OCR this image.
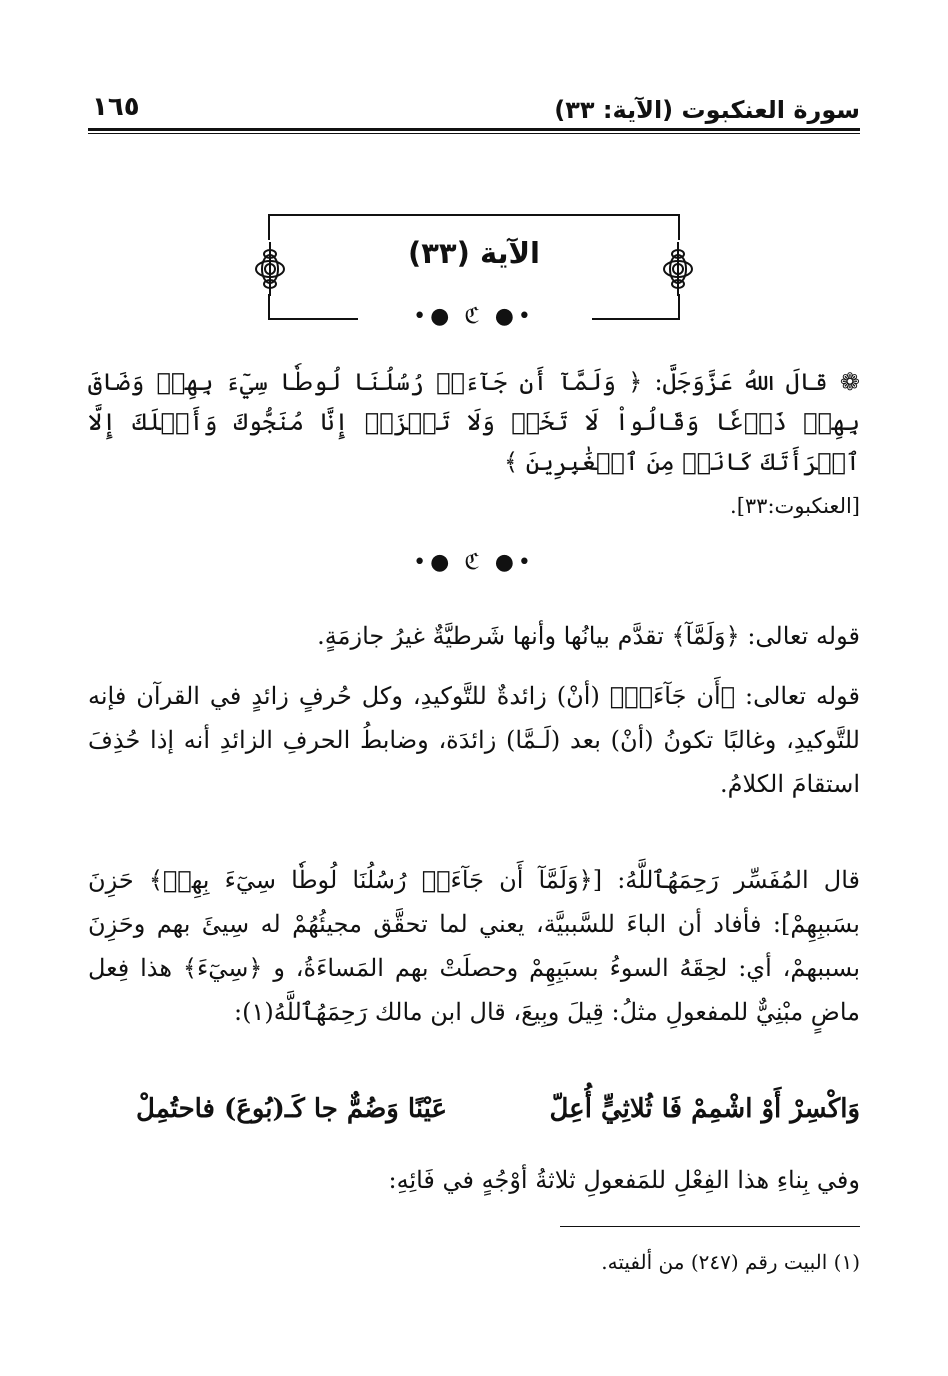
سورة العنكبوت (الآية: ٣٣)
١٦٥
الآية (٣٣)
•● ℭ ●•
❁ قالَ اللهُ عَزَّوَجَلَّ: ﴿ وَلَمَّآ أَن جَآءَتۡ رُسُلُنَا لُوطٗا سِيٓءَ بِهِمۡ وَضَاقَ بِهِمۡ ذَرۡعٗا وَقَالُواْ لَا تَخَفۡ وَلَا تَحۡزَنۡ إِنَّا مُنَجُّوكَ وَأَهۡلَكَ إِلَّا ٱمۡرَأَتَكَ كَانَتۡ مِنَ ٱلۡغَٰبِرِينَ ﴾
[العنكبوت:٣٣].
•● ℭ ●•
قوله تعالى: ﴿وَلَمَّآ﴾ تقدَّم بيانُها وأنها شَرطيَّةٌ غيرُ جازمَةٍ.
قوله تعالى: ﴿أَن جَآءَتۡ﴾ (أنْ) زائدةٌ للتَّوكيدِ، وكل حُرفٍ زائدٍ في القرآن فإنه للتَّوكيدِ، وغالبًا تكونُ (أنْ) بعد (لَـمَّا) زائدَة، وضابطُ الحرفِ الزائدِ أنه إذا حُذِفَ استقامَ الكلامُ.
قال المُفَسِّر رَحِمَهُٱللَّهُ: [﴿وَلَمَّآ أَن جَآءَتۡ رُسُلُنَا لُوطٗا سِيٓءَ بِهِمۡ﴾ حَزِنَ بسَببِهِمْ]: فأفاد أن الباءَ للسَّببيَّة، يعني لما تحقَّق مجيئُهُمْ له سِيئَ بهم وحَزِنَ بسببهمْ، أي: لحِقَهُ السوءُ بسبَبِهِمْ وحصلَتْ بهم المَساءَةُ، و ﴿سِيٓءَ﴾ هذا فِعل ماضٍ مبْنِيٌّ للمفعولِ مثلُ: قِيلَ وبِيعَ، قال ابن مالك رَحِمَهُٱللَّهُ(١):
وَاكْسِرْ أَوْ اشْمِمْ فَا ثُلاثِيٍّ أُعِلّ
عَيْنًا وَضُمٌّ جا كَـ(بُوعَ) فاحتُمِلْ
وفي بِناءِ هذا الفِعْلِ للمَفعولِ ثلاثةُ أوْجُهٍ في فَائِهِ:
(١) البيت رقم (٢٤٧) من ألفيته.
